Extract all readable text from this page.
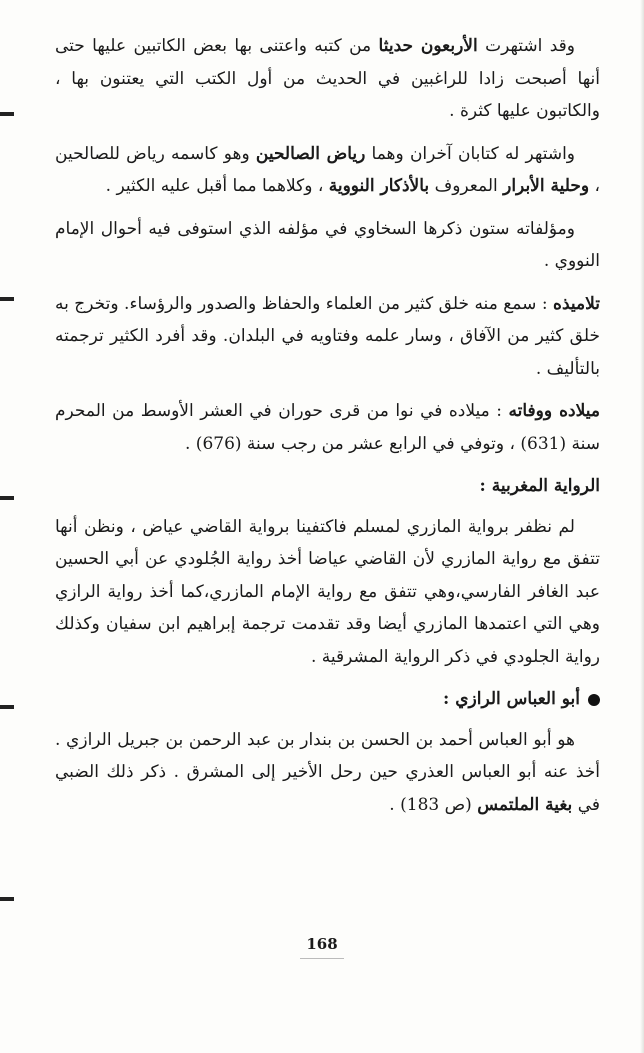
وقد اشتهرت الأربعون حديثا من كتبه واعتنى بها بعض الكاتبين عليها حتى أنها أصبحت زادا للراغبين في الحديث من أول الكتب التي يعتنون بها ، والكاتبون عليها كثرة .

واشتهر له كتابان آخران وهما رياض الصالحين وهو كاسمه رياض للصالحين ، وحلية الأبرار المعروف بالأذكار النووية ، وكلاهما مما أقبل عليه الكثير .

ومؤلفاته ستون ذكرها السخاوي في مؤلفه الذي استوفى فيه أحوال الإمام النووي .

تلاميذه : سمع منه خلق كثير من العلماء والحفاظ والصدور والرؤساء. وتخرج به خلق كثير من الآفاق ، وسار علمه وفتاويه في البلدان. وقد أفرد الكثير ترجمته بالتأليف .

ميلاده ووفاته : ميلاده في نوا من قرى حوران في العشر الأوسط من المحرم سنة (631) ، وتوفي في الرابع عشر من رجب سنة (676) .

الرواية المغربية :

لم نظفر برواية المازري لمسلم فاكتفينا برواية القاضي عياض ، ونظن أنها تتفق مع رواية المازري لأن القاضي عياضا أخذ رواية الجُلودي عن أبي الحسين عبد الغافر الفارسي،وهي تتفق مع رواية الإمام المازري،كما أخذ رواية الرازي وهي التي اعتمدها المازري أيضا وقد تقدمت ترجمة إبراهيم ابن سفيان وكذلك رواية الجلودي في ذكر الرواية المشرقية .

أبو العباس الرازي :

هو أبو العباس أحمد بن الحسن بن بندار بن عبد الرحمن بن جبريل الرازي . أخذ عنه أبو العباس العذري حين رحل الأخير إلى المشرق . ذكر ذلك الضبي في بغية الملتمس (ص 183) .

168
